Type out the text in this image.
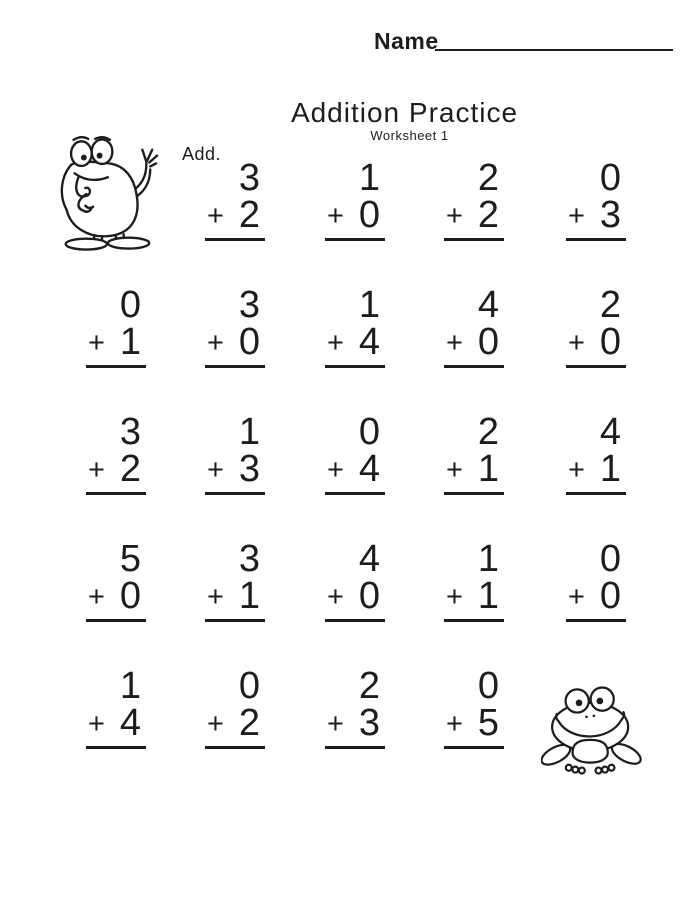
Name
Addition Practice
Worksheet 1
Add.
3
+ 2
1
+ 0
2
+ 2
0
+ 3
0
+ 1
3
+ 0
1
+ 4
4
+ 0
2
+ 0
3
+ 2
1
+ 3
0
+ 4
2
+ 1
4
+ 1
5
+ 0
3
+ 1
4
+ 0
1
+ 1
0
+ 0
1
+ 4
0
+ 2
2
+ 3
0
+ 5
